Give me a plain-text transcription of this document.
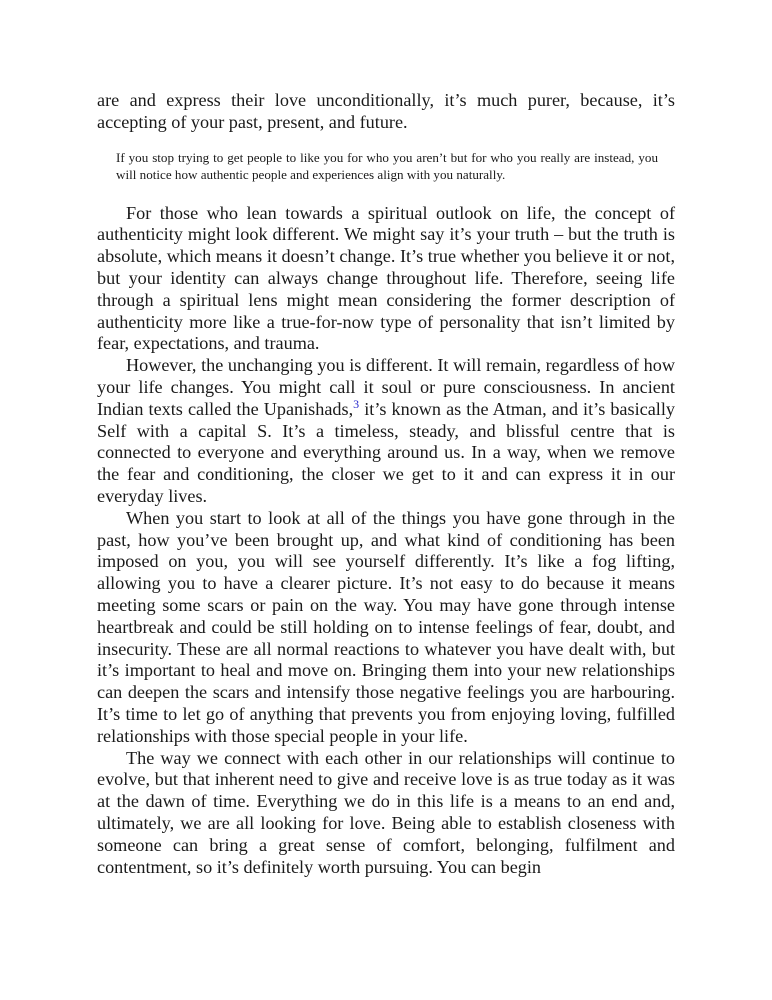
are and express their love unconditionally, it’s much purer, because, it’s accepting of your past, present, and future.

If you stop trying to get people to like you for who you aren’t but for who you really are instead, you will notice how authentic people and experiences align with you naturally.

For those who lean towards a spiritual outlook on life, the concept of authenticity might look different. We might say it’s your truth – but the truth is absolute, which means it doesn’t change. It’s true whether you believe it or not, but your identity can always change throughout life. Therefore, seeing life through a spiritual lens might mean considering the former description of authenticity more like a true-for-now type of personality that isn’t limited by fear, expectations, and trauma.

However, the unchanging you is different. It will remain, regardless of how your life changes. You might call it soul or pure consciousness. In ancient Indian texts called the Upanishads,$^3$ it’s known as the Atman, and it’s basically Self with a capital S. It’s a timeless, steady, and blissful centre that is connected to everyone and everything around us. In a way, when we remove the fear and conditioning, the closer we get to it and can express it in our everyday lives.

When you start to look at all of the things you have gone through in the past, how you’ve been brought up, and what kind of conditioning has been imposed on you, you will see yourself differently. It’s like a fog lifting, allowing you to have a clearer picture. It’s not easy to do because it means meeting some scars or pain on the way. You may have gone through intense heartbreak and could be still holding on to intense feelings of fear, doubt, and insecurity. These are all normal reactions to whatever you have dealt with, but it’s important to heal and move on. Bringing them into your new relationships can deepen the scars and intensify those negative feelings you are harbouring. It’s time to let go of anything that prevents you from enjoying loving, fulfilled relationships with those special people in your life.

The way we connect with each other in our relationships will continue to evolve, but that inherent need to give and receive love is as true today as it was at the dawn of time. Everything we do in this life is a means to an end and, ultimately, we are all looking for love. Being able to establish closeness with someone can bring a great sense of comfort, belonging, fulfilment and contentment, so it’s definitely worth pursuing. You can begin
